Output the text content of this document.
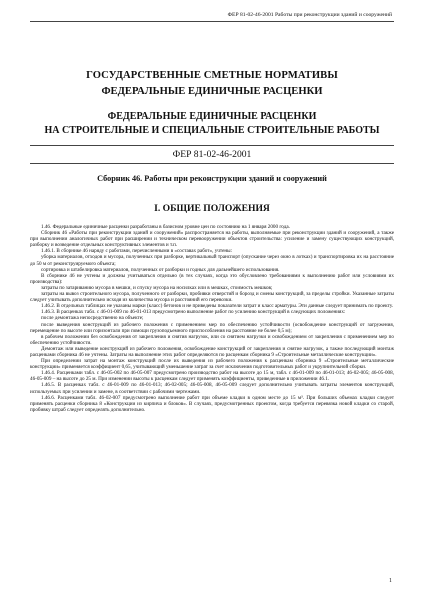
ФЕР 81-02-46-2001 Работы при реконструкции зданий и сооружений
ГОСУДАРСТВЕННЫЕ СМЕТНЫЕ НОРМАТИВЫ
ФЕДЕРАЛЬНЫЕ ЕДИНИЧНЫЕ РАСЦЕНКИ
ФЕДЕРАЛЬНЫЕ ЕДИНИЧНЫЕ РАСЦЕНКИ
НА СТРОИТЕЛЬНЫЕ И СПЕЦИАЛЬНЫЕ СТРОИТЕЛЬНЫЕ РАБОТЫ
ФЕР 81-02-46-2001
Сборник 46. Работы при реконструкции зданий и сооружений
I. ОБЩИЕ ПОЛОЖЕНИЯ

1.46. Федеральные единичные расценки разработаны в базисном уровне цен по состоянию на 1 января 2000 года.

Сборник 46 «Работы при реконструкции зданий и сооружений» распространяется на работы, выполняемые при реконструкции зданий и сооружений, а также при выполнении аналогичных работ при расширении и техническом перевооружении объектов строительства: усиление и замену существующих конструкций, разборку и возведение отдельных конструктивных элементов и т.п.

1.46.1. В сборнике 46 наряду с работами, перечисленными в «составах работ», учтены:

уборка материалов, отходов и мусора, полученных при разборке, вертикальный транспорт (опускание через окно в лотках) и транспортировка их на расстояние до 50 м от реконструируемого объекта;

сортировка и штабелировка материалов, полученных от разборки и годных для дальнейшего использования.

В сборнике 46 не учтены и должны учитываться отдельно (в тех случаях, когда это обусловлено требованиями к выполнению работ или условиями их производства):

затраты по затариванию мусора в мешки, и спуску мусора на носилках или в мешках, стоимость мешков;

затраты на вывоз строительного мусора, полученного от разборки, пробивки отверстий и борозд и смены конструкций, за пределы стройки. Указанные затраты следует учитывать дополнительно исходя из количества мусора и расстояний его перевозки.

1.46.2. В отдельных таблицах не указаны марки (класс) бетонов и не приведены показатели затрат и класс арматуры. Эти данные следует принимать по проекту.

1.46.3. В расценках табл. с 46-01-009 по 46-01-013 предусмотрено выполнение работ по усилению конструкций в следующих положениях:

после демонтажа непосредственно на объекте;

после выведения конструкций из рабочего положения с применением мер по обеспечению устойчивости (освобождение конструкций от загружения, перемещение по высоте или горизонтали при помощи грузоподъемного приспособления на расстояние не более 0,5 м);

в рабочем положении без освобождения от закрепления и снятия нагрузок, или со снятием нагрузки и освобождением от закрепления с применением мер по обеспечению устойчивости.

Демонтаж или выведение конструкций из рабочего положения, освобождение конструкций от закрепления и снятие нагрузок, а также последующий монтаж расценками сборника 46 не учтены. Затраты на выполнение этих работ определяются по расценкам сборника 9 «Строительные металлические конструкции».

При определении затрат на монтаж конструкций после их выведения из рабочего положения к расценкам сборника 9 «Строительные металлические конструкции» применяется коэффициент 0,65, учитывающий уменьшение затрат за счет исключения подготовительных работ и укрупнительной сборки.

1.46.4. Расценками табл. с 46-05-002 по 46-05-007 предусмотрено производство работ на высоте до 15 м, табл. с 46-01-009 по 46-01-013; 46-02-005; 46-05-008, 46-05-009 – на высоте до 25 м. При изменении высоты к расценкам следует применять коэффициенты, приведенные в приложении 46.1.

1.46.5. В расценках табл. с 46-01-009 по 46-01-013; 46-02-005; 46-05-008, 46-05-009 следует дополнительно учитывать затраты элементов конструкций, используемых при усилении и замене, в соответствии с рабочими чертежами.

1.46.6. Расценками табл. 46-02-007 предусмотрено выполнение работ при объеме кладки в одном месте до 15 м³. При больших объемах кладки следует применять расценки сборника 8 «Конструкции из кирпича и блоков». В случаях, предусмотренных проектом, когда требуется перевязка новой кладки со старой, пробивку штраб следует определять дополнительно.

1
